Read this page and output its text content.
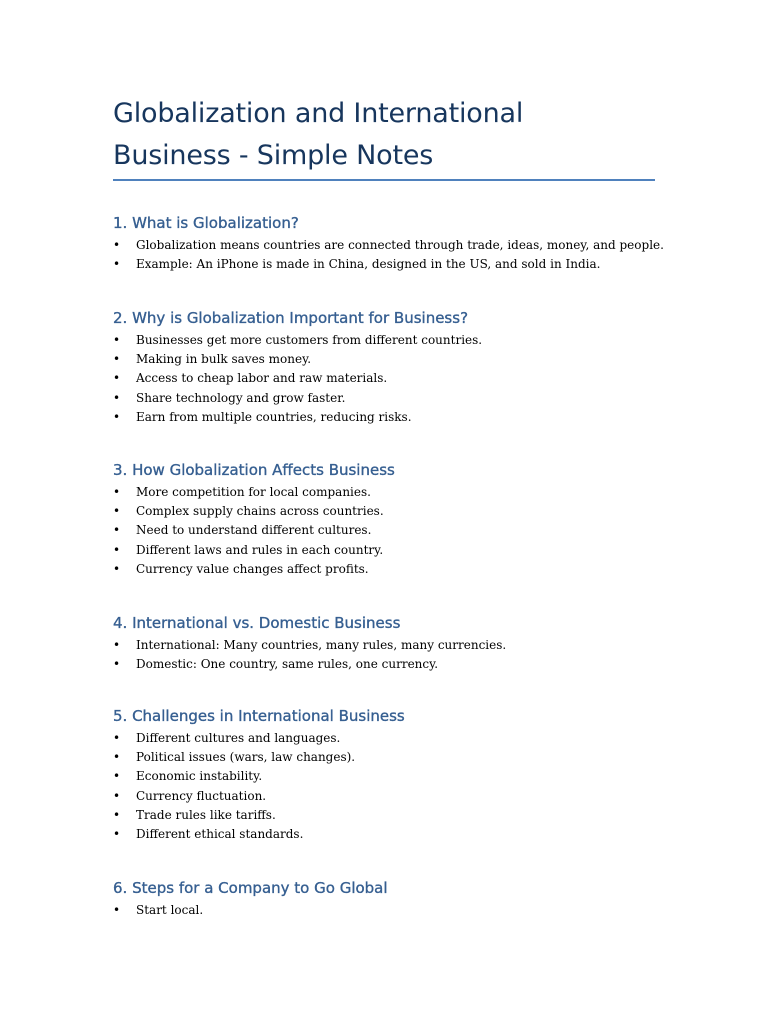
Globalization and International
Business - Simple Notes
1. What is Globalization?
• Globalization means countries are connected through trade, ideas, money, and people.
• Example: An iPhone is made in China, designed in the US, and sold in India.
2. Why is Globalization Important for Business?
• Businesses get more customers from different countries.
• Making in bulk saves money.
• Access to cheap labor and raw materials.
• Share technology and grow faster.
• Earn from multiple countries, reducing risks.
3. How Globalization Affects Business
• More competition for local companies.
• Complex supply chains across countries.
• Need to understand different cultures.
• Different laws and rules in each country.
• Currency value changes affect profits.
4. International vs. Domestic Business
• International: Many countries, many rules, many currencies.
• Domestic: One country, same rules, one currency.
5. Challenges in International Business
• Different cultures and languages.
• Political issues (wars, law changes).
• Economic instability.
• Currency fluctuation.
• Trade rules like tariffs.
• Different ethical standards.
6. Steps for a Company to Go Global
• Start local.
